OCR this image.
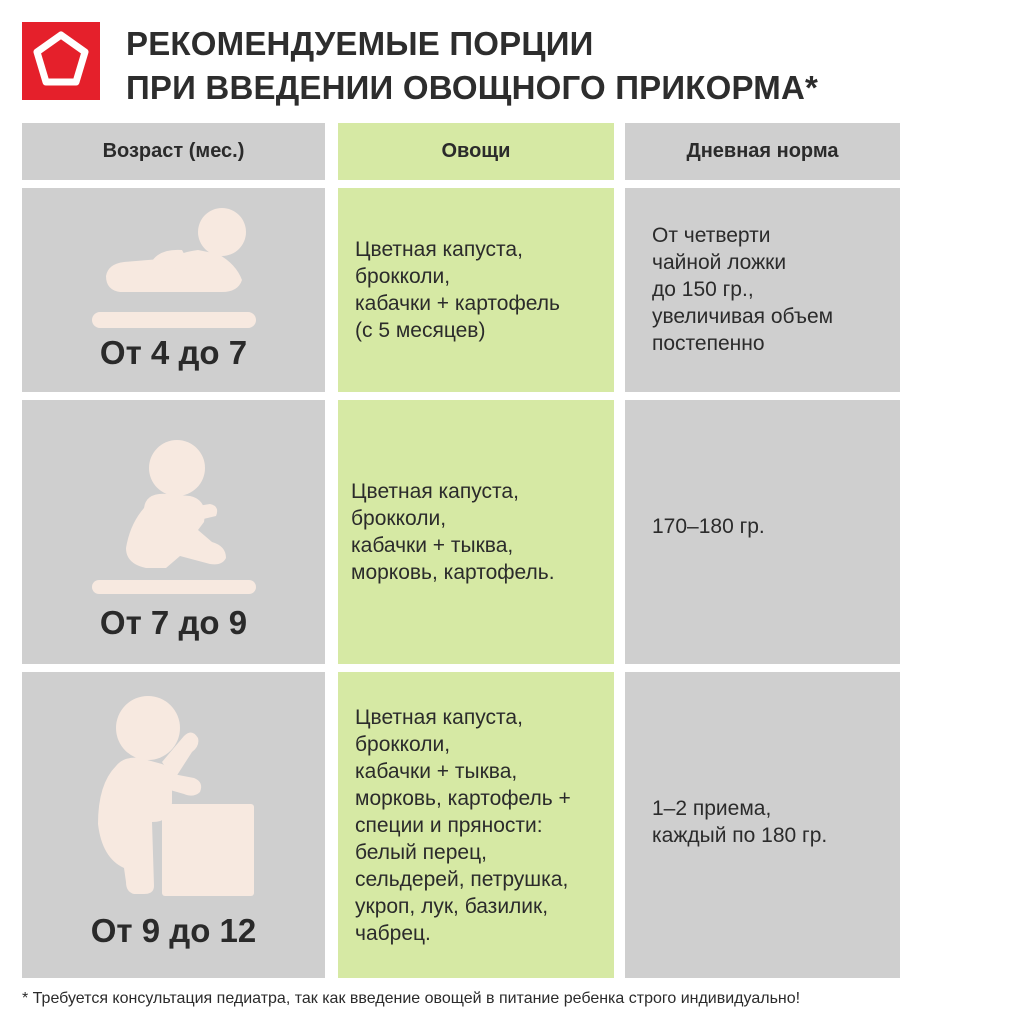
РЕКОМЕНДУЕМЫЕ ПОРЦИИ
ПРИ ВВЕДЕНИИ ОВОЩНОГО ПРИКОРМА*
Возраст (мес.)	Овощи	Дневная норма
От 4 до 7
Цветная капуста,
брокколи,
кабачки + картофель
(с 5 месяцев)
От четверти
чайной ложки
до 150 гр.,
увеличивая объем
постепенно
От 7 до 9
Цветная капуста,
брокколи,
кабачки + тыква,
морковь, картофель.
170–180 гр.
От 9 до 12
Цветная капуста,
брокколи,
кабачки + тыква,
морковь, картофель +
специи и пряности:
белый перец,
сельдерей, петрушка,
укроп, лук, базилик,
чабрец.
1–2 приема,
каждый по 180 гр.
* Требуется консультация педиатра, так как введение овощей в питание ребенка строго индивидуально!
